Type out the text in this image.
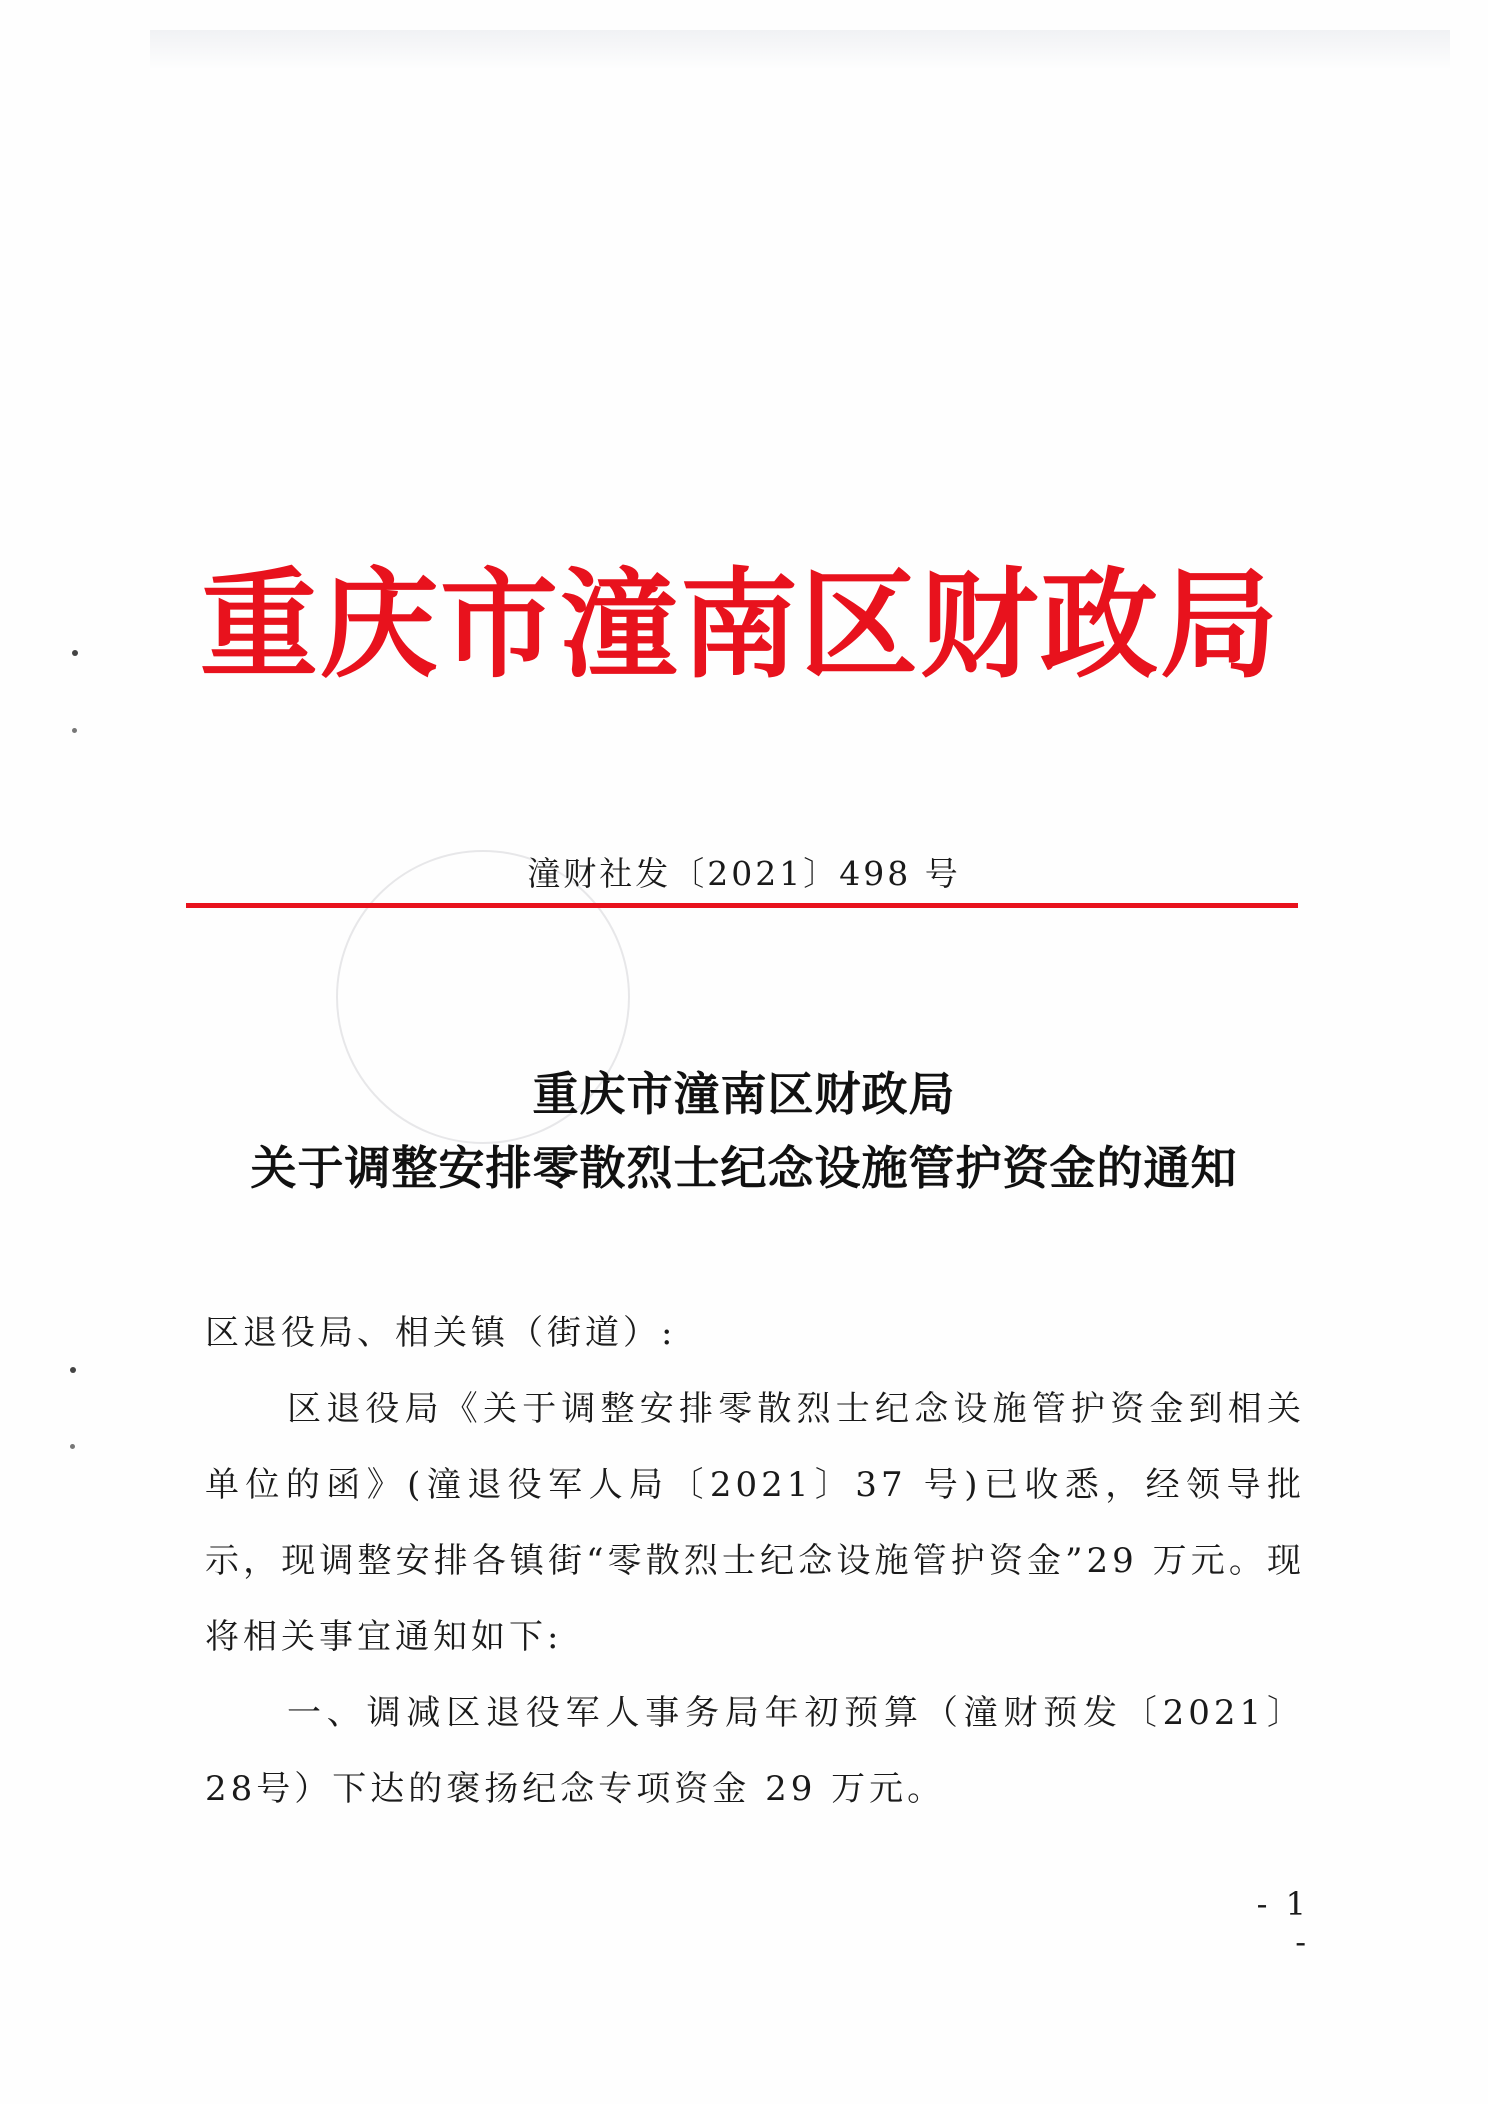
重庆市潼南区财政局
潼财社发〔2021〕498 号
重庆市潼南区财政局
关于调整安排零散烈士纪念设施管护资金的通知

区退役局、相关镇（街道）:

区退役局《关于调整安排零散烈士纪念设施管护资金到相关单位的函》(潼退役军人局〔2021〕37 号)已收悉，经领导批示，现调整安排各镇街“零散烈士纪念设施管护资金”29 万元。现将相关事宜通知如下:

一、调减区退役军人事务局年初预算（潼财预发〔2021〕28号）下达的褒扬纪念专项资金 29 万元。

- 1 -
